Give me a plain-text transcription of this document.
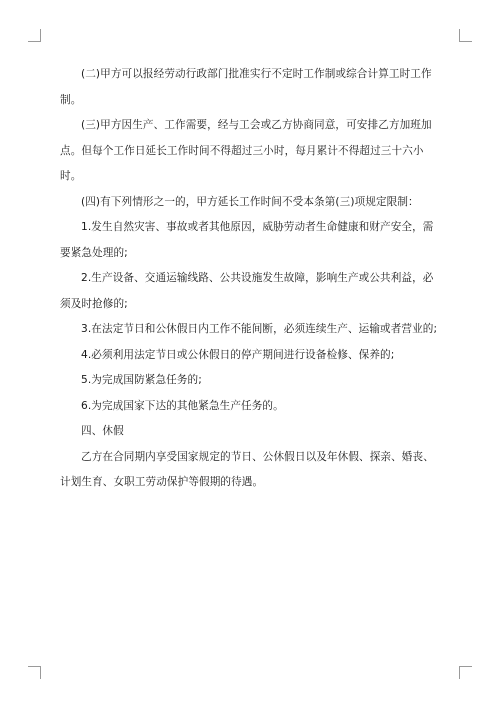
(二)甲方可以报经劳动行政部门批准实行不定时工作制或综合计算工时工作制。

(三)甲方因生产、工作需要，经与工会或乙方协商同意，可安排乙方加班加点。但每个工作日延长工作时间不得超过三小时，每月累计不得超过三十六小时。

(四)有下列情形之一的，甲方延长工作时间不受本条第(三)项规定限制：

1.发生自然灾害、事故或者其他原因，威胁劳动者生命健康和财产安全，需要紧急处理的;

2.生产设备、交通运输线路、公共设施发生故障，影响生产或公共利益，必须及时抢修的;

3.在法定节日和公休假日内工作不能间断，必须连续生产、运输或者营业的;

4.必须利用法定节日或公休假日的停产期间进行设备检修、保养的;

5.为完成国防紧急任务的;

6.为完成国家下达的其他紧急生产任务的。

四、休假

乙方在合同期内享受国家规定的节日、公休假日以及年休假、探亲、婚丧、计划生育、女职工劳动保护等假期的待遇。
